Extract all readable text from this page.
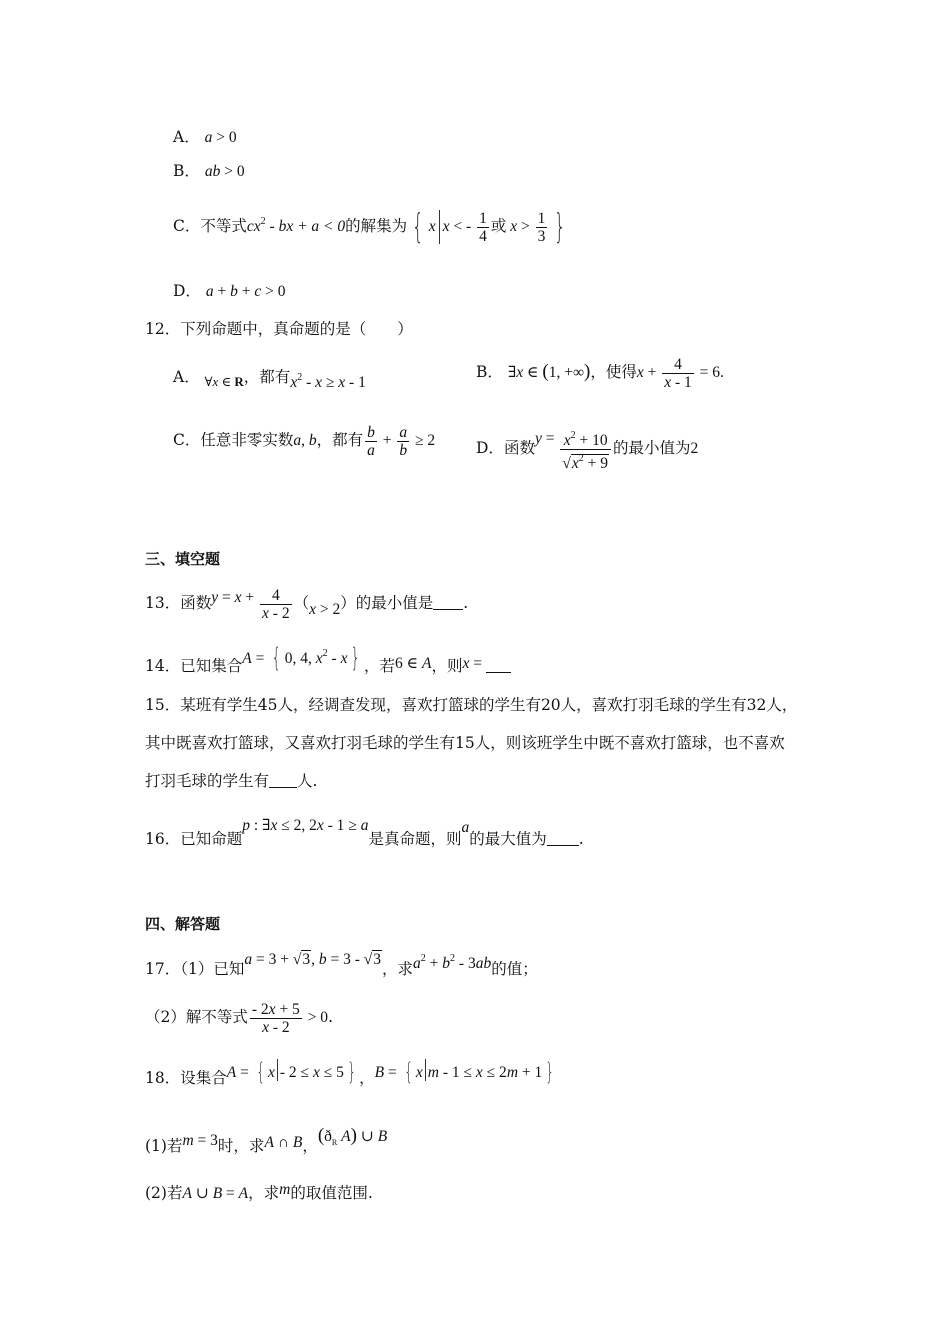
A． a > 0
B． ab > 0
C．不等式$cx^2$ - bx + a < 0的解集为 { x x < - $\frac{1}{4}$ 或 $x > \frac{1}{3}$ }
D． a + b + c > 0
12．下列命题中，真命题的是（　　）
A． $_{\forall x \in R}$，都有$x^2 - x \ge x - 1$
B． ∃x ∈ (1, +∞)，使得$x + \frac{4}{x - 1} = 6$.
C．任意非零实数a, b，都有 $\frac{b}{a} + \frac{a}{b} \ge 2$	D．函数$y = \frac{x^2 + 10}{√x^2 + 9}$ 的最小值为2
三、填空题
13．函数$y = x + \frac{4}{x - 2} (x > 2)$的最小值是 .
14．已知集合A = { 0, 4, $x^2$ - x } ，若6 ∈ A，则x =
15．某班有学生45人，经调查发现，喜欢打篮球的学生有20人，喜欢打羽毛球的学生有32人，其中既喜欢打篮球，又喜欢打羽毛球的学生有15人，则该班学生中既不喜欢打篮球，也不喜欢打羽毛球的学生有 人.
16．已知命题p : ∃x ≤ 2, 2x - 1 ≥ a是真命题，则a的最大值为 .
四、解答题
17．（1）已知a = 3 + √3, b = 3 - √3，求$a^2 + b^2 - 3ab$的值；
（2）解不等式 $\frac{- 2x + 5}{x - 2} > 0$.
18．设集合A = { x - 2 ≤ x ≤ 5 } ，B = { x m - 1 ≤ x ≤ 2m + 1 }
(1)若m = 3时，求A ∩ B，($ð_R$ A) ∪ B
(2)若A ∪ B = A，求m的取值范围.
